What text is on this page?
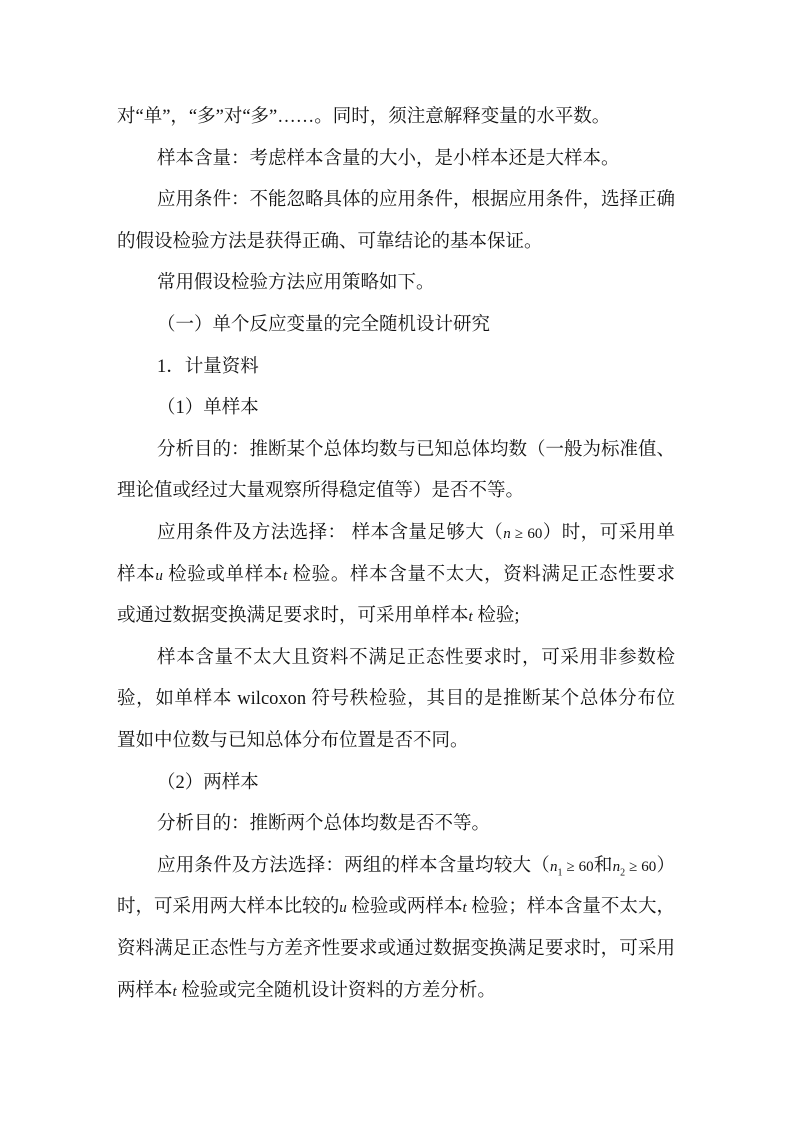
对“单”，“多”对“多”……。同时，须注意解释变量的水平数。
样本含量：考虑样本含量的大小，是小样本还是大样本。
应用条件：不能忽略具体的应用条件，根据应用条件，选择正确
的假设检验方法是获得正确、可靠结论的基本保证。
常用假设检验方法应用策略如下。
（一）单个反应变量的完全随机设计研究
1．计量资料
（1）单样本
分析目的：推断某个总体均数与已知总体均数（一般为标准值、
理论值或经过大量观察所得稳定值等）是否不等。
应用条件及方法选择： 样本含量足够大（n ≥ 60）时，可采用单
样本u 检验或单样本t 检验。样本含量不太大，资料满足正态性要求
或通过数据变换满足要求时，可采用单样本t 检验;
样本含量不太大且资料不满足正态性要求时，可采用非参数检
验，如单样本 wilcoxon 符号秩检验，其目的是推断某个总体分布位
置如中位数与已知总体分布位置是否不同。
（2）两样本
分析目的：推断两个总体均数是否不等。
应用条件及方法选择：两组的样本含量均较大（$n_1 \ge 60$和$n_2 \ge 60$）
时，可采用两大样本比较的u 检验或两样本t 检验；样本含量不太大，
资料满足正态性与方差齐性要求或通过数据变换满足要求时，可采用
两样本t 检验或完全随机设计资料的方差分析。
